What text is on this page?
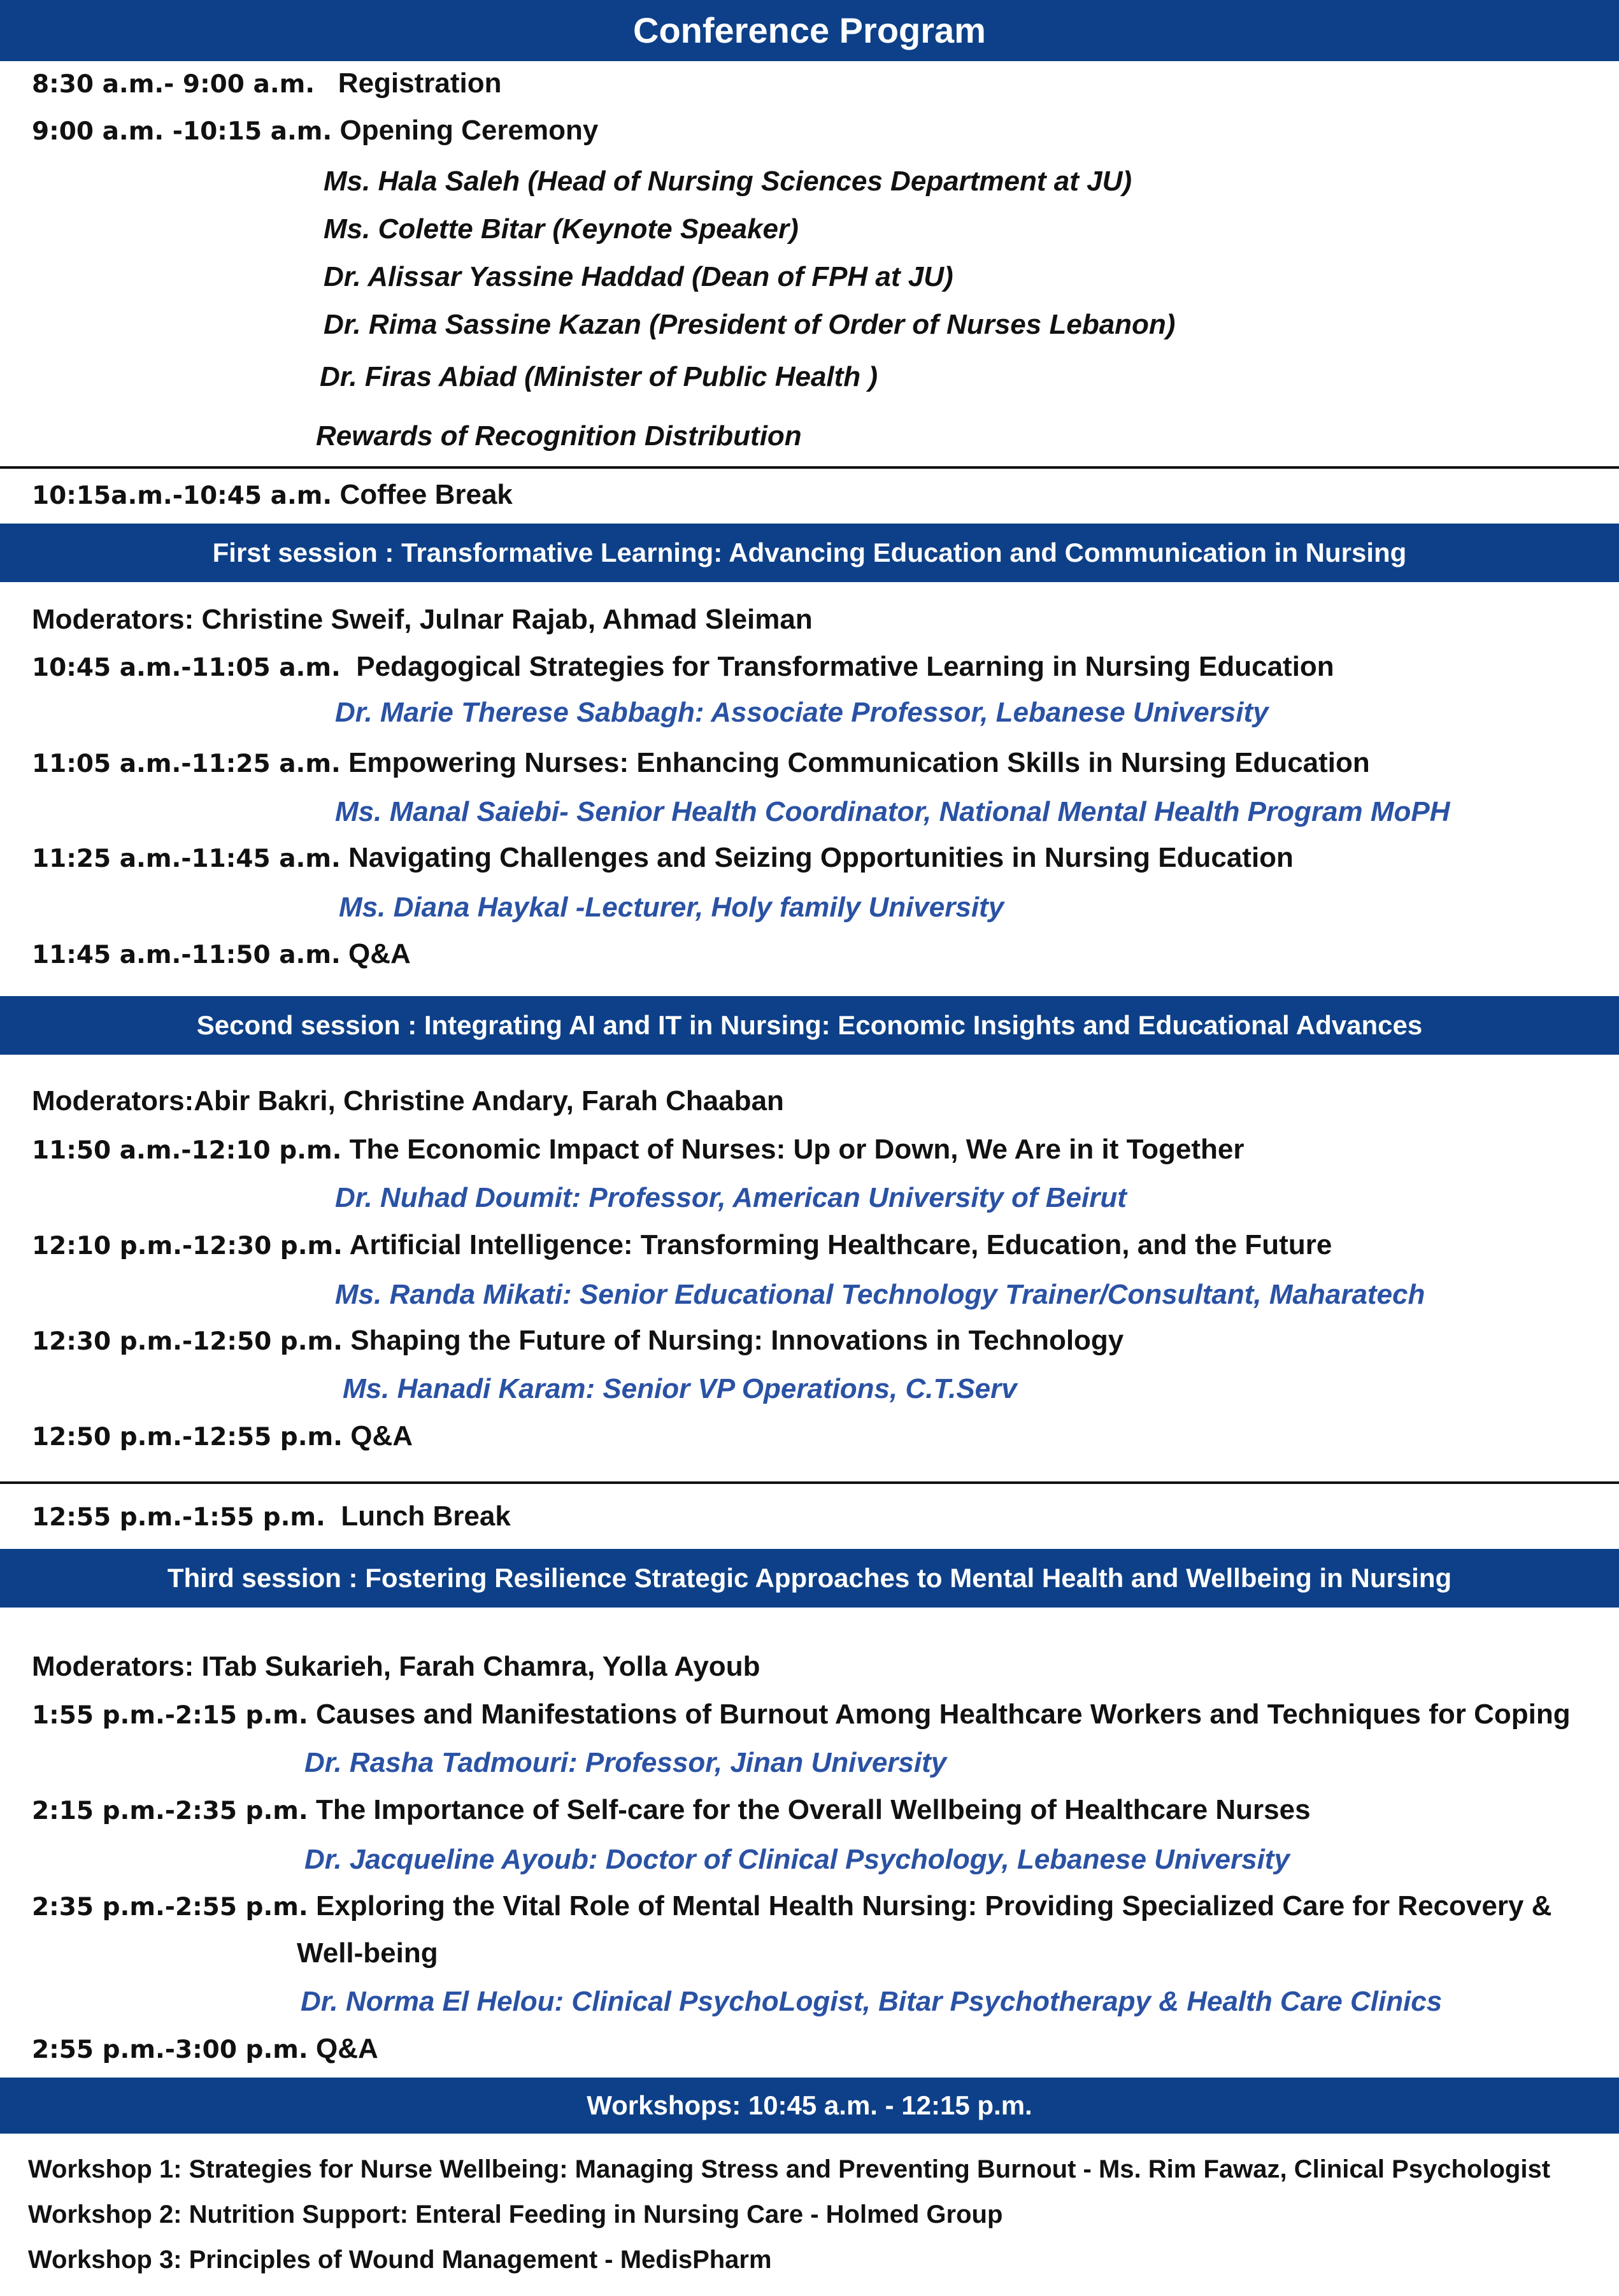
Conference Program
8:30 a.m.- 9:00 a.m. Registration
9:00 a.m. -10:15 a.m. Opening Ceremony
Ms. Hala Saleh (Head of Nursing Sciences Department at JU)
Ms. Colette Bitar (Keynote Speaker)
Dr. Alissar Yassine Haddad (Dean of FPH at JU)
Dr. Rima Sassine Kazan (President of Order of Nurses Lebanon)
Dr. Firas Abiad (Minister of Public Health )
Rewards of Recognition Distribution
10:15a.m.-10:45 a.m. Coffee Break
First session : Transformative Learning: Advancing Education and Communication in Nursing
Moderators: Christine Sweif, Julnar Rajab, Ahmad Sleiman
10:45 a.m.-11:05 a.m. Pedagogical Strategies for Transformative Learning in Nursing Education
Dr. Marie Therese Sabbagh: Associate Professor, Lebanese University
11:05 a.m.-11:25 a.m. Empowering Nurses: Enhancing Communication Skills in Nursing Education
Ms. Manal Saiebi- Senior Health Coordinator, National Mental Health Program MoPH
11:25 a.m.-11:45 a.m. Navigating Challenges and Seizing Opportunities in Nursing Education
Ms. Diana Haykal -Lecturer, Holy family University
11:45 a.m.-11:50 a.m. Q&A
Second session : Integrating AI and IT in Nursing: Economic Insights and Educational Advances
Moderators:Abir Bakri, Christine Andary, Farah Chaaban
11:50 a.m.-12:10 p.m. The Economic Impact of Nurses: Up or Down, We Are in it Together
Dr. Nuhad Doumit: Professor, American University of Beirut
12:10 p.m.-12:30 p.m. Artificial Intelligence: Transforming Healthcare, Education, and the Future
Ms. Randa Mikati: Senior Educational Technology Trainer/Consultant, Maharatech
12:30 p.m.-12:50 p.m. Shaping the Future of Nursing: Innovations in Technology
Ms. Hanadi Karam: Senior VP Operations, C.T.Serv
12:50 p.m.-12:55 p.m. Q&A
12:55 p.m.-1:55 p.m. Lunch Break
Third session : Fostering Resilience Strategic Approaches to Mental Health and Wellbeing in Nursing
Moderators: ITab Sukarieh, Farah Chamra, Yolla Ayoub
1:55 p.m.-2:15 p.m. Causes and Manifestations of Burnout Among Healthcare Workers and Techniques for Coping
Dr. Rasha Tadmouri: Professor, Jinan University
2:15 p.m.-2:35 p.m. The Importance of Self-care for the Overall Wellbeing of Healthcare Nurses
Dr. Jacqueline Ayoub: Doctor of Clinical Psychology, Lebanese University
2:35 p.m.-2:55 p.m. Exploring the Vital Role of Mental Health Nursing: Providing Specialized Care for Recovery &
Well-being
Dr. Norma El Helou: Clinical PsychoLogist, Bitar Psychotherapy & Health Care Clinics
2:55 p.m.-3:00 p.m. Q&A
Workshops: 10:45 a.m. - 12:15 p.m.
Workshop 1: Strategies for Nurse Wellbeing: Managing Stress and Preventing Burnout - Ms. Rim Fawaz, Clinical Psychologist
Workshop 2: Nutrition Support: Enteral Feeding in Nursing Care - Holmed Group
Workshop 3: Principles of Wound Management - MedisPharm
